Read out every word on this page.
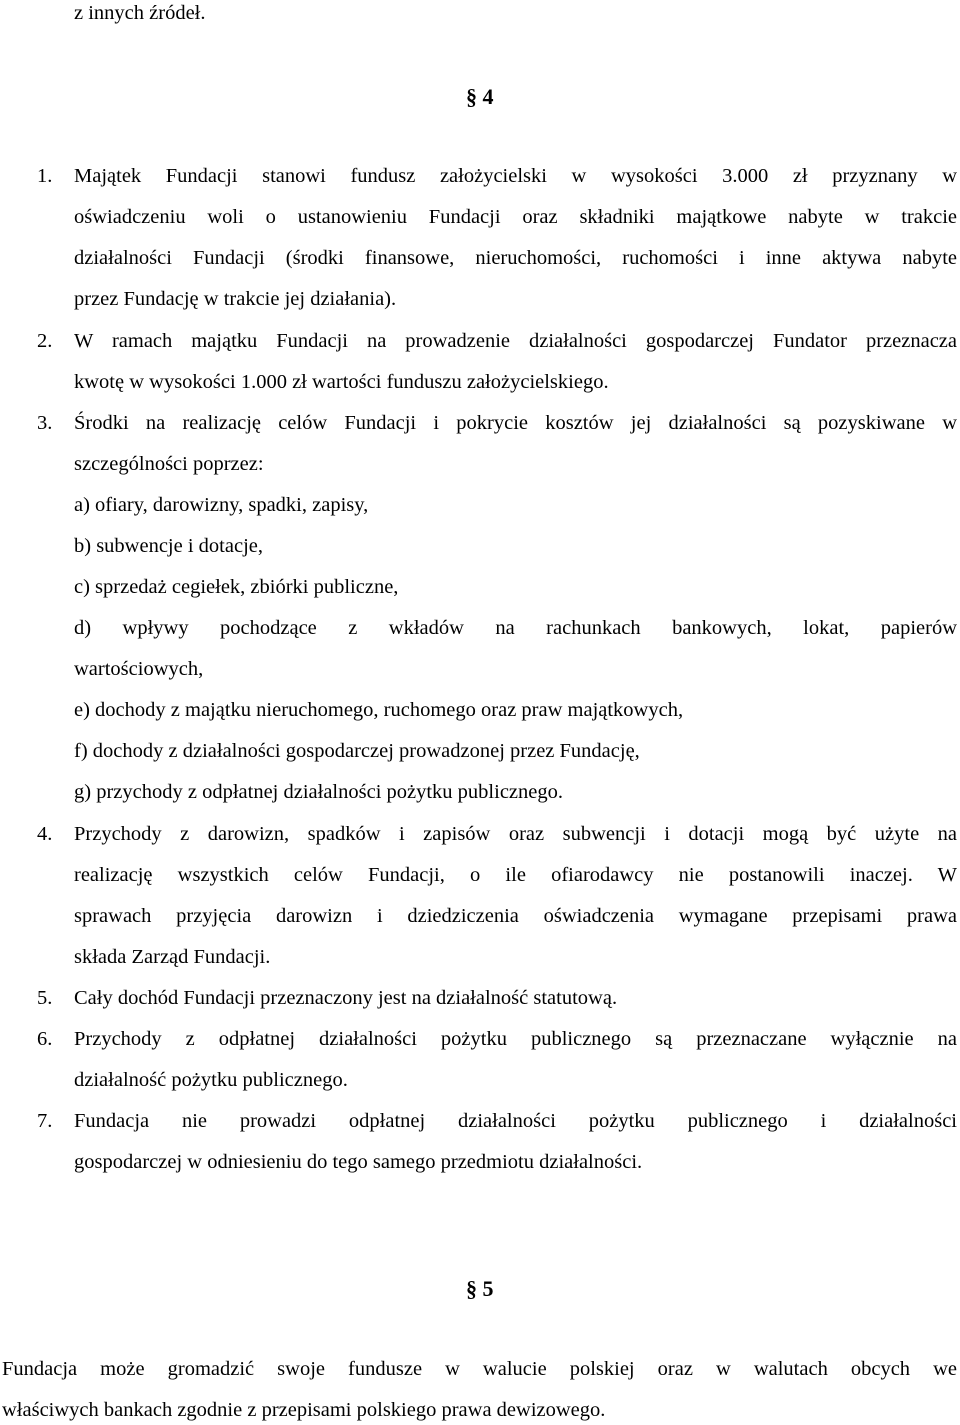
z innych źródeł.
§ 4
1. Majątek Fundacji stanowi fundusz założycielski w wysokości 3.000 zł przyznany w
oświadczeniu woli o ustanowieniu Fundacji oraz składniki majątkowe nabyte w trakcie
działalności Fundacji (środki finansowe, nieruchomości, ruchomości i inne aktywa nabyte
przez Fundację w trakcie jej działania).
2. W ramach majątku Fundacji na prowadzenie działalności gospodarczej Fundator przeznacza
kwotę w wysokości 1.000 zł wartości funduszu założycielskiego.
3. Środki na realizację celów Fundacji i pokrycie kosztów jej działalności są pozyskiwane w
szczególności poprzez:
a) ofiary, darowizny, spadki, zapisy,
b) subwencje i dotacje,
c) sprzedaż cegiełek, zbiórki publiczne,
d) wpływy pochodzące z wkładów na rachunkach bankowych, lokat, papierów
wartościowych,
e) dochody z majątku nieruchomego, ruchomego oraz praw majątkowych,
f) dochody z działalności gospodarczej prowadzonej przez Fundację,
g) przychody z odpłatnej działalności pożytku publicznego.
4. Przychody z darowizn, spadków i zapisów oraz subwencji i dotacji mogą być użyte na
realizację wszystkich celów Fundacji, o ile ofiarodawcy nie postanowili inaczej. W
sprawach przyjęcia darowizn i dziedziczenia oświadczenia wymagane przepisami prawa
składa Zarząd Fundacji.
5. Cały dochód Fundacji przeznaczony jest na działalność statutową.
6. Przychody z odpłatnej działalności pożytku publicznego są przeznaczane wyłącznie na
działalność pożytku publicznego.
7. Fundacja nie prowadzi odpłatnej działalności pożytku publicznego i działalności
gospodarczej w odniesieniu do tego samego przedmiotu działalności.
§ 5
Fundacja może gromadzić swoje fundusze w walucie polskiej oraz w walutach obcych we
właściwych bankach zgodnie z przepisami polskiego prawa dewizowego.
